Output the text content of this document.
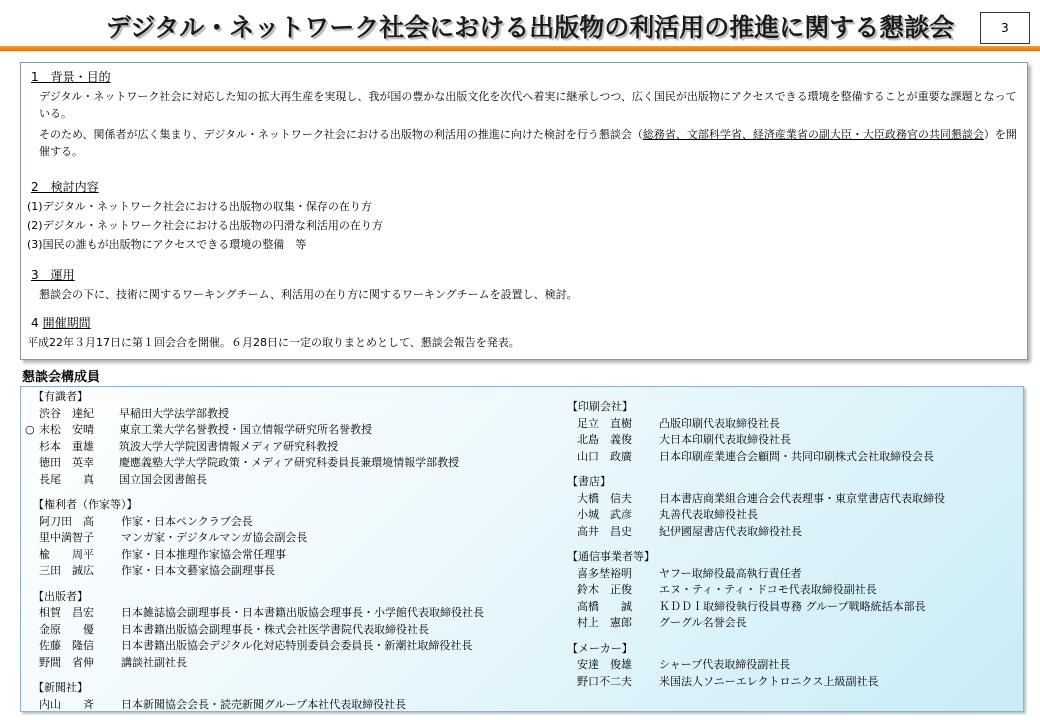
デジタル・ネットワーク社会における出版物の利活用の推進に関する懇談会	3
1　背景・目的
デジタル・ネットワーク社会に対応した知の拡大再生産を実現し、我が国の豊かな出版文化を次代へ着実に継承しつつ、広く国民が出版物にアクセスできる環境を整備することが重要な課題となっている。
そのため、関係者が広く集まり、デジタル・ネットワーク社会における出版物の利活用の推進に向けた検討を行う懇談会（総務省、文部科学省、経済産業省の副大臣・大臣政務官の共同懇談会）を開催する。
2　検討内容
(1)デジタル・ネットワーク社会における出版物の収集・保存の在り方
(2)デジタル・ネットワーク社会における出版物の円滑な利活用の在り方
(3)国民の誰もが出版物にアクセスできる環境の整備　等
3　運用
懇談会の下に、技術に関するワーキングチーム、利活用の在り方に関するワーキングチームを設置し、検討。
4 開催期間
平成22年３月17日に第１回会合を開催。６月28日に一定の取りまとめとして、懇談会報告を発表。
懇談会構成員
【有識者】
渋谷　達紀 早稲田大学法学部教授
○ 末松　安晴 東京工業大学名誉教授・国立情報学研究所名誉教授
杉本　重雄 筑波大学大学院図書情報メディア研究科教授
徳田　英幸 慶應義塾大学大学院政策・メディア研究科委員長兼環境情報学部教授
長尾　　真 国立国会図書館長
【権利者（作家等）】
阿刀田　高 作家・日本ペンクラブ会長
里中満智子 マンガ家・デジタルマンガ協会副会長
楡　　周平 作家・日本推理作家協会常任理事
三田　誠広 作家・日本文藝家協会副理事長
【出版者】
相賀　昌宏 日本雑誌協会副理事長・日本書籍出版協会理事長・小学館代表取締役社長
金原　　優 日本書籍出版協会副理事長・株式会社医学書院代表取締役社長
佐藤　隆信 日本書籍出版協会デジタル化対応特別委員会委員長・新潮社取締役社長
野間　省伸 講談社副社長
【新聞社】
内山　　斉 日本新聞協会会長・読売新聞グループ本社代表取締役社長
【印刷会社】
足立　直樹 凸版印刷代表取締役社長
北島　義俊 大日本印刷代表取締役社長
山口　政廣 日本印刷産業連合会顧問・共同印刷株式会社取締役会長
【書店】
大橋　信夫 日本書店商業組合連合会代表理事・東京堂書店代表取締役
小城　武彦 丸善代表取締役社長
高井　昌史 紀伊國屋書店代表取締役社長
【通信事業者等】
喜多埜裕明 ヤフー取締役最高執行責任者
鈴木　正俊 エヌ・ティ・ティ・ドコモ代表取締役副社長
高橋　　誠 ＫＤＤＩ取締役執行役員専務 グループ戦略統括本部長
村上　憲郎 グーグル名誉会長
【メーカー】
安達　俊雄 シャープ代表取締役副社長
野口不二夫 米国法人ソニーエレクトロニクス上級副社長
